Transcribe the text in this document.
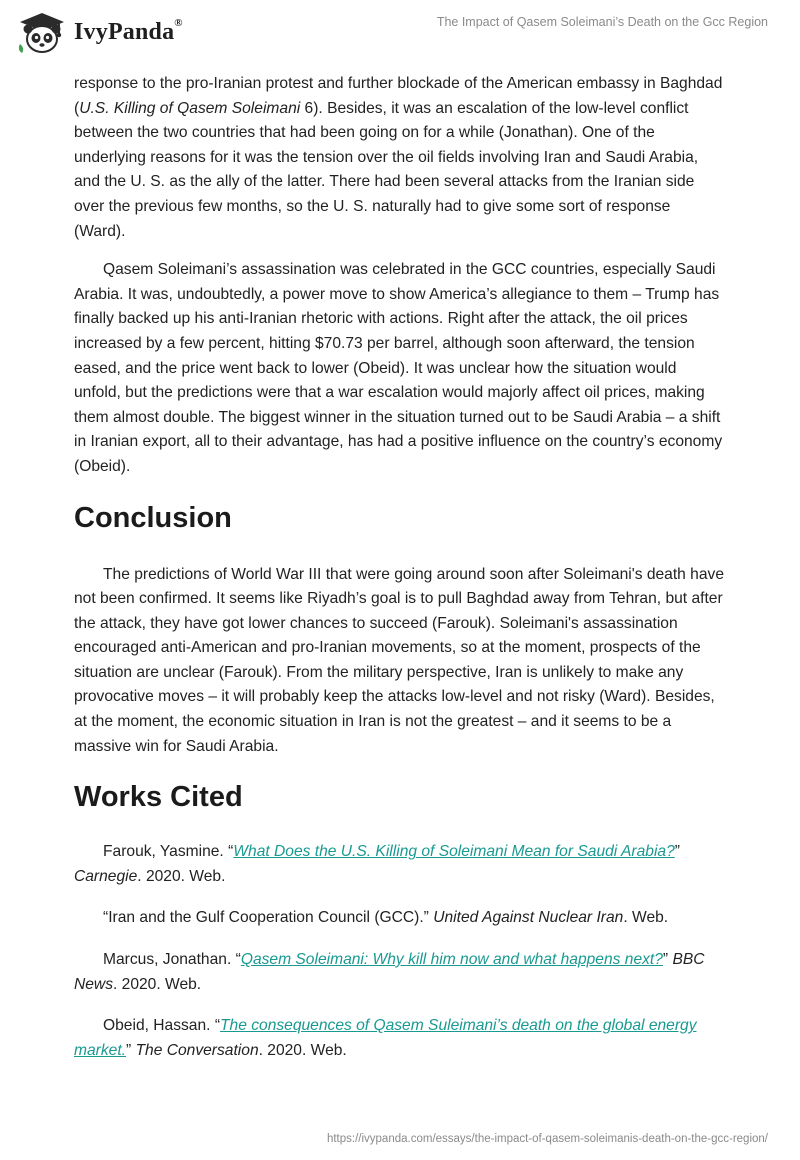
IvyPanda®	The Impact of Qasem Soleimani’s Death on the Gcc Region

response to the pro-Iranian protest and further blockade of the American embassy in Baghdad (U.S. Killing of Qasem Soleimani 6). Besides, it was an escalation of the low-level conflict between the two countries that had been going on for a while (Jonathan). One of the underlying reasons for it was the tension over the oil fields involving Iran and Saudi Arabia, and the U. S. as the ally of the latter. There had been several attacks from the Iranian side over the previous few months, so the U. S. naturally had to give some sort of response (Ward).

Qasem Soleimani’s assassination was celebrated in the GCC countries, especially Saudi Arabia. It was, undoubtedly, a power move to show America’s allegiance to them – Trump has finally backed up his anti-Iranian rhetoric with actions. Right after the attack, the oil prices increased by a few percent, hitting $70.73 per barrel, although soon afterward, the tension eased, and the price went back to lower (Obeid). It was unclear how the situation would unfold, but the predictions were that a war escalation would majorly affect oil prices, making them almost double. The biggest winner in the situation turned out to be Saudi Arabia – a shift in Iranian export, all to their advantage, has had a positive influence on the country’s economy (Obeid).

Conclusion

The predictions of World War III that were going around soon after Soleimani's death have not been confirmed. It seems like Riyadh’s goal is to pull Baghdad away from Tehran, but after the attack, they have got lower chances to succeed (Farouk). Soleimani's assassination encouraged anti-American and pro-Iranian movements, so at the moment, prospects of the situation are unclear (Farouk). From the military perspective, Iran is unlikely to make any provocative moves – it will probably keep the attacks low-level and not risky (Ward). Besides, at the moment, the economic situation in Iran is not the greatest – and it seems to be a massive win for Saudi Arabia.

Works Cited

Farouk, Yasmine. “What Does the U.S. Killing of Soleimani Mean for Saudi Arabia?” Carnegie. 2020. Web.

“Iran and the Gulf Cooperation Council (GCC).” United Against Nuclear Iran. Web.

Marcus, Jonathan. “Qasem Soleimani: Why kill him now and what happens next?” BBC News. 2020. Web.

Obeid, Hassan. “The consequences of Qasem Suleimani’s death on the global energy market.” The Conversation. 2020. Web.

https://ivypanda.com/essays/the-impact-of-qasem-soleimanis-death-on-the-gcc-region/
